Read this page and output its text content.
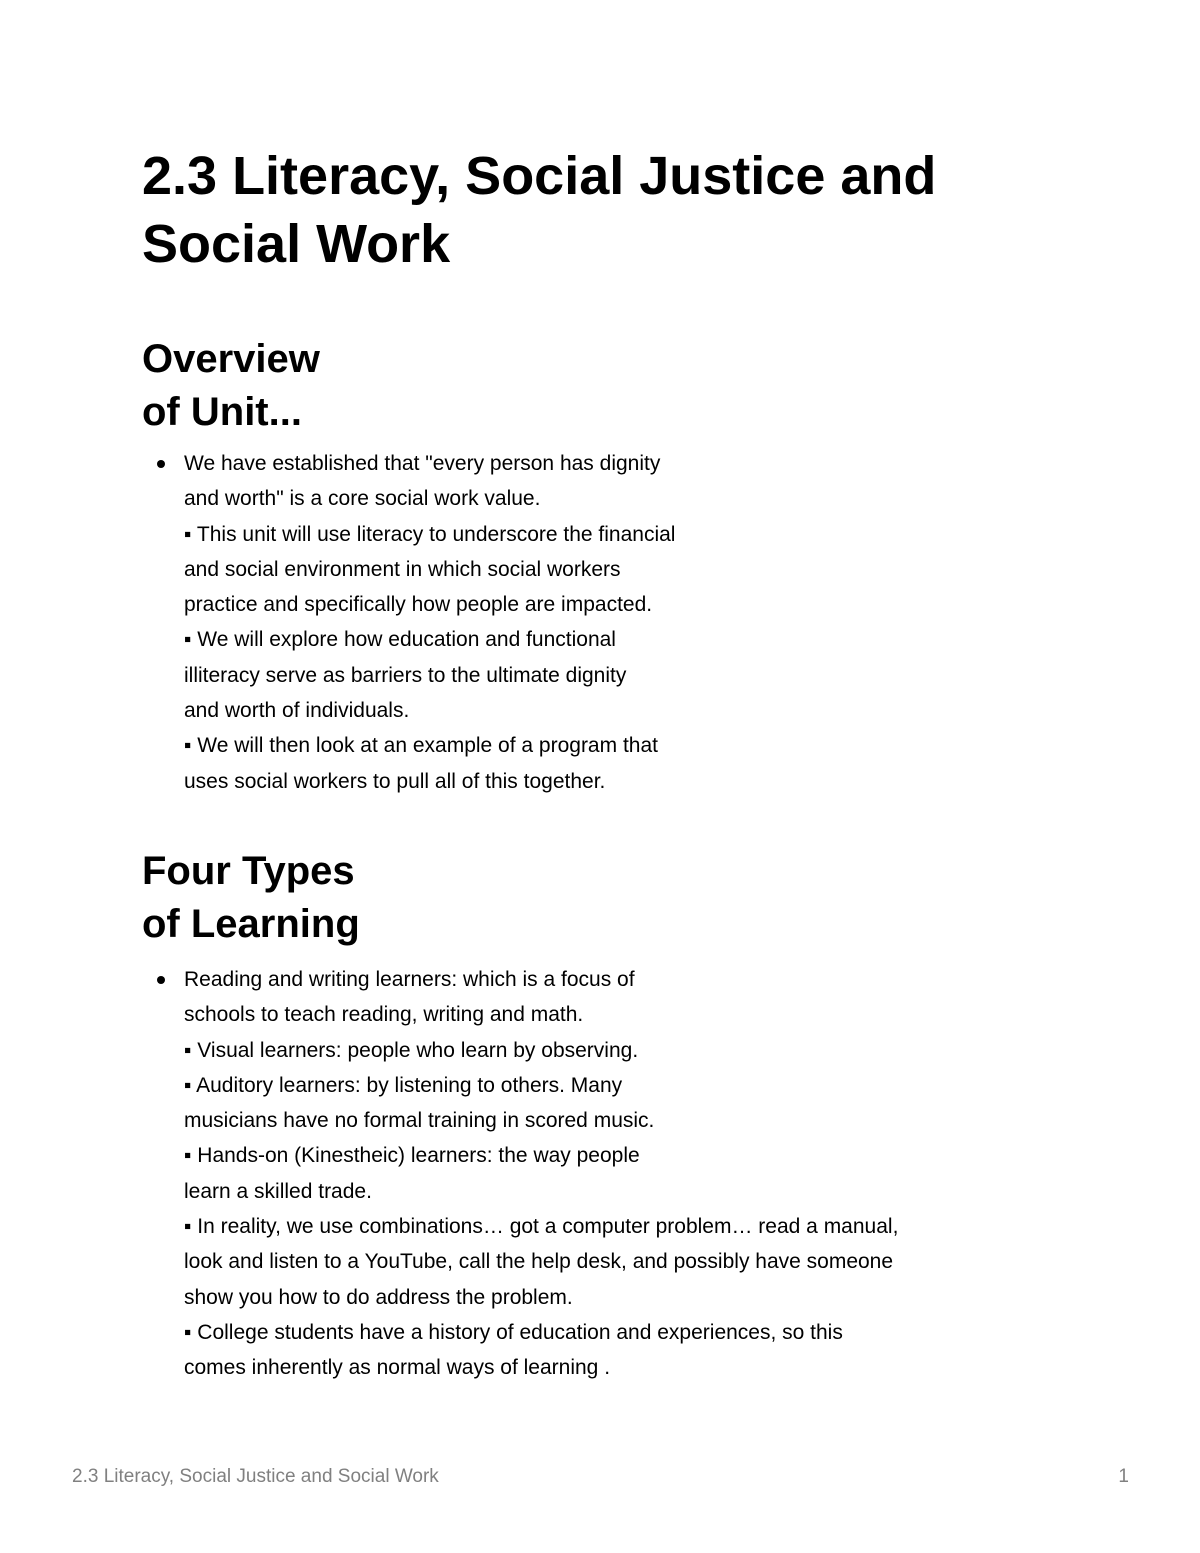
2.3 Literacy, Social Justice and Social Work
Overview
of Unit...
We have established that "every person has dignity
and worth" is a core social work value.
▪ This unit will use literacy to underscore the financial
and social environment in which social workers
practice and specifically how people are impacted.
▪ We will explore how education and functional
illiteracy serve as barriers to the ultimate dignity
and worth of individuals.
▪ We will then look at an example of a program that
uses social workers to pull all of this together.
Four Types
of Learning
Reading and writing learners: which is a focus of
schools to teach reading, writing and math.
▪ Visual learners: people who learn by observing.
▪ Auditory learners: by listening to others. Many
musicians have no formal training in scored music.
▪ Hands-on (Kinestheic) learners: the way people
learn a skilled trade.
▪ In reality, we use combinations… got a computer problem… read a manual,
look and listen to a YouTube, call the help desk, and possibly have someone
show you how to do address the problem.
▪ College students have a history of education and experiences, so this
comes inherently as normal ways of learning .
2.3 Literacy, Social Justice and Social Work	1
